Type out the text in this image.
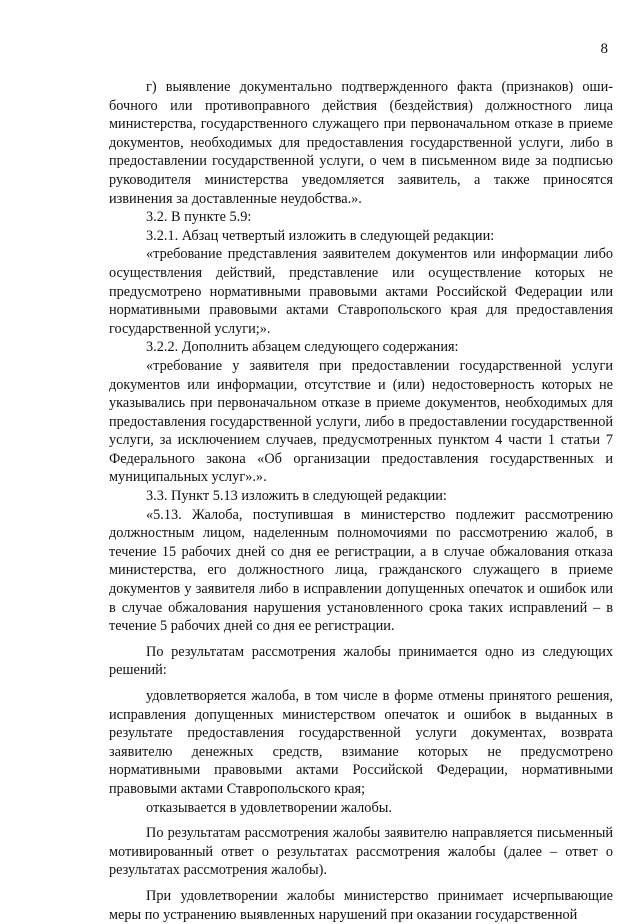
8

г) выявление документально подтвержденного факта (признаков) ошибочного или противоправного действия (бездействия) должностного лица министерства, государственного служащего при первоначальном отказе в приеме документов, необходимых для предоставления государственной услуги, либо в предоставлении государственной услуги, о чем в письменном виде за подписью руководителя министерства уведомляется заявитель, а также приносятся извинения за доставленные неудобства.».

3.2. В пункте 5.9:

3.2.1. Абзац четвертый изложить в следующей редакции:

«требование представления заявителем документов или информации либо осуществления действий, представление или осуществление которых не предусмотрено нормативными правовыми актами Российской Федерации или нормативными правовыми актами Ставропольского края для предоставления государственной услуги;».

3.2.2. Дополнить абзацем следующего содержания:

«требование у заявителя при предоставлении государственной услуги документов или информации, отсутствие и (или) недостоверность которых не указывались при первоначальном отказе в приеме документов, необходимых для предоставления государственной услуги, либо в предоставлении государственной услуги, за исключением случаев, предусмотренных пунктом 4 части 1 статьи 7 Федерального закона «Об организации предоставления государственных и муниципальных услуг».».

3.3. Пункт 5.13 изложить в следующей редакции:

«5.13. Жалоба, поступившая в министерство подлежит рассмотрению должностным лицом, наделенным полномочиями по рассмотрению жалоб, в течение 15 рабочих дней со дня ее регистрации, а в случае обжалования отказа министерства, его должностного лица, гражданского служащего в приеме документов у заявителя либо в исправлении допущенных опечаток и ошибок или в случае обжалования нарушения установленного срока таких исправлений – в течение 5 рабочих дней со дня ее регистрации.

По результатам рассмотрения жалобы принимается одно из следующих решений:

удовлетворяется жалоба, в том числе в форме отмены принятого решения, исправления допущенных министерством опечаток и ошибок в выданных в результате предоставления государственной услуги документах, возврата заявителю денежных средств, взимание которых не предусмотрено нормативными правовыми актами Российской Федерации, нормативными правовыми актами Ставропольского края;

отказывается в удовлетворении жалобы.

По результатам рассмотрения жалобы заявителю направляется письменный мотивированный ответ о результатах рассмотрения жалобы (далее – ответ о результатах рассмотрения жалобы).

При удовлетворении жалобы министерство принимает исчерпывающие меры по устранению выявленных нарушений при оказании государственной
